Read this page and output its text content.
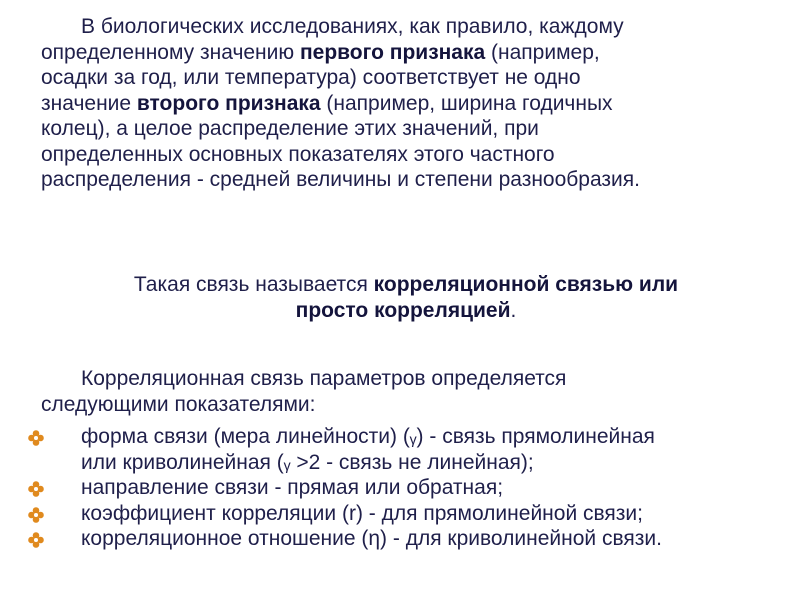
В биологических исследованиях, как правило, каждому
определенному значению первого признака (например,
осадки за год, или температура) соответствует не одно
значение второго признака (например, ширина годичных
колец), а целое распределение этих значений, при
определенных основных показателях этого частного
распределения - средней величины и степени разнообразия.
Такая связь называется корреляционной связью или
просто корреляцией.
Корреляционная связь параметров определяется
следующими показателями:
форма связи (мера линейности) (ᵧ) - связь прямолинейная
или криволинейная (ᵧ >2 - связь не линейная);
направление связи - прямая или обратная;
коэффициент корреляции (r) - для прямолинейной связи;
корреляционное отношение (η) - для криволинейной связи.
